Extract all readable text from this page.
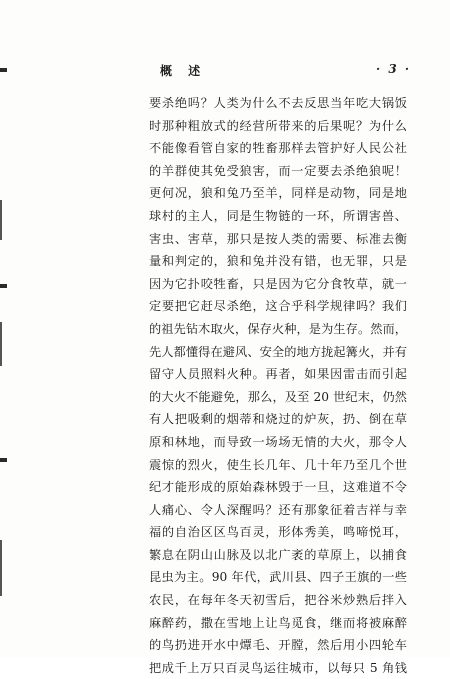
概 述	· 3 ·
要杀绝吗？人类为什么不去反思当年吃大锅饭
时那种粗放式的经营所带来的后果呢？为什么
不能像看管自家的牲畜那样去管护好人民公社
的羊群使其免受狼害，而一定要去杀绝狼呢！
更何况，狼和兔乃至羊，同样是动物，同是地
球村的主人，同是生物链的一环，所谓害兽、
害虫、害草，那只是按人类的需要、标准去衡
量和判定的，狼和兔并没有错，也无罪，只是
因为它扑咬牲畜，只是因为它分食牧草，就一
定要把它赶尽杀绝，这合乎科学规律吗？我们
的祖先钻木取火，保存火种，是为生存。然而，
先人都懂得在避风、安全的地方拢起篝火，并有
留守人员照料火种。再者，如果因雷击而引起
的大火不能避免，那么，及至 20 世纪末，仍然
有人把吸剩的烟蒂和烧过的炉灰，扔、倒在草
原和林地，而导致一场场无情的大火，那令人
震惊的烈火，使生长几年、几十年乃至几个世
纪才能形成的原始森林毁于一旦，这难道不令
人痛心、令人深醒吗？还有那象征着吉祥与幸
福的自治区区鸟百灵，形体秀美，鸣啼悦耳，
繁息在阴山山脉及以北广袤的草原上，以捕食
昆虫为主。90 年代，武川县、四子王旗的一些
农民，在每年冬天初雪后，把谷米炒熟后拌入
麻醉药，撒在雪地上让鸟觅食，继而将被麻醉
的鸟扔进开水中燂毛、开膛，然后用小四轮车
把成千上万只百灵鸟运往城市，以每只 5 角钱
